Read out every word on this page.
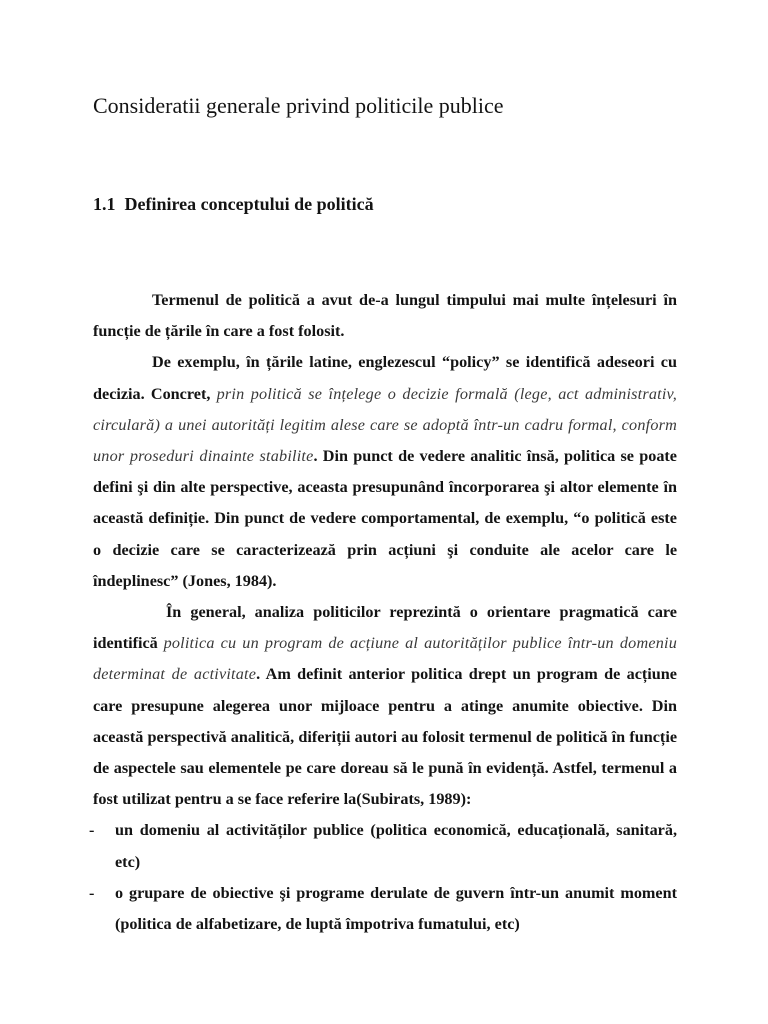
Consideratii generale privind politicile publice
1.1  Definirea conceptului de politică

Termenul de politică a avut de-a lungul timpului mai multe înțelesuri în funcție de țările în care a fost folosit.

De exemplu, în țările latine, englezescul “policy” se identifică adeseori cu decizia. Concret, prin politică se înțelege o decizie formală (lege, act administrativ, circulară) a unei autorități legitim alese care se adoptă într-un cadru formal, conform unor proseduri dinainte stabilite. Din punct de vedere analitic însă, politica se poate defini şi din alte perspective, aceasta presupunând încorporarea şi altor elemente în această definiție. Din punct de vedere comportamental, de exemplu, “o politică este o decizie care se caracterizează prin acțiuni şi conduite ale acelor care le îndeplinesc” (Jones, 1984).

În general, analiza politicilor reprezintă o orientare pragmatică care identifică politica cu un program de acțiune al autorităților publice într-un domeniu determinat de activitate. Am definit anterior politica drept un program de acțiune care presupune alegerea unor mijloace pentru a atinge anumite obiective. Din această perspectivă analitică, diferiții autori au folosit termenul de politică în funcție de aspectele sau elementele pe care doreau să le pună în evidență. Astfel, termenul a fost utilizat pentru a se face referire la(Subirats, 1989):

- un domeniu al activităților publice (politica economică, educațională, sanitară, etc)
- o grupare de obiective şi programe derulate de guvern într-un anumit moment (politica de alfabetizare, de luptă împotriva fumatului, etc)
